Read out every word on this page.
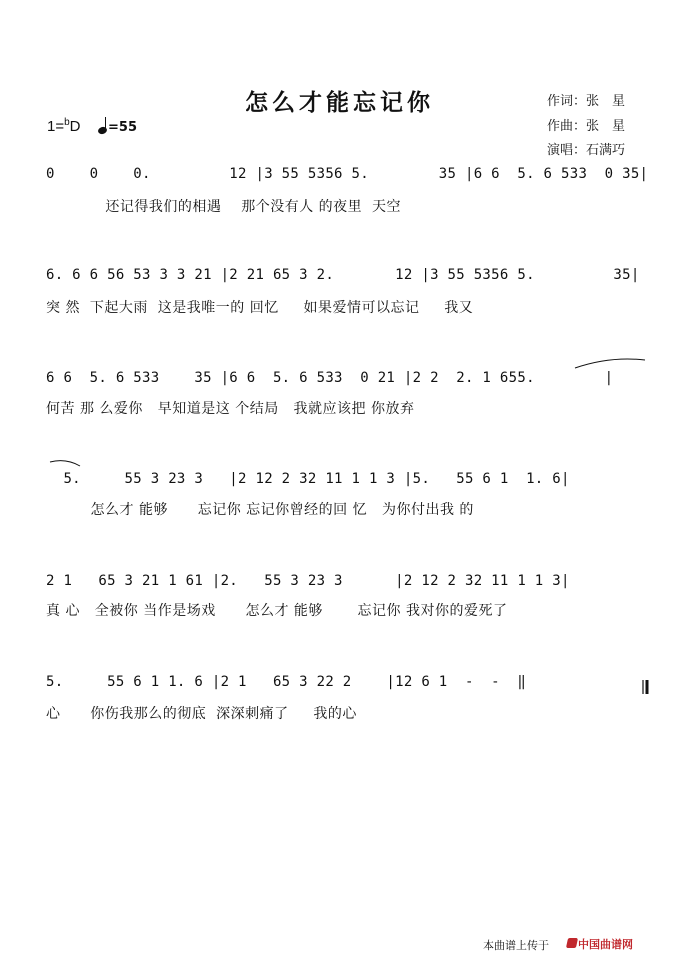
怎么才能忘记你	作词：张　星
作曲：张　星
演唱：石满巧
1=$^b$D	=55
0    0    0.         12 |3 55 5356 5.        35 |6 6  5. 6 533  0 35|
还记得我们的相遇    那个没有人 的夜里  天空
6. 6 6 56 53 3 3 21 |2 21 65 3 2.       12 |3 55 5356 5.         35|
突 然  下起大雨  这是我唯一的 回忆     如果爱情可以忘记     我又
6 6  5. 6 533    35 |6 6  5. 6 533  0 21 |2 2  2. 1 655.        |
何苦 那 么爱你   早知道是这 个结局   我就应该把 你放弃
5.     55 3 23 3   |2 12 2 32 11 1 1 3 |5.   55 6 1  1. 6|
怎么才 能够      忘记你 忘记你曾经的回 忆   为你付出我 的
2 1   65 3 21 1 61 |2.   55 3 23 3      |2 12 2 32 11 1 1 3|
真 心   全被你 当作是场戏      怎么才 能够       忘记你 我对你的爱死了
5.     55 6 1 1. 6 |2 1   65 3 22 2    |12 6 1  -  -  ‖
心      你伤我那么的彻底  深深刺痛了     我的心
本曲谱上传于	中国曲谱网
